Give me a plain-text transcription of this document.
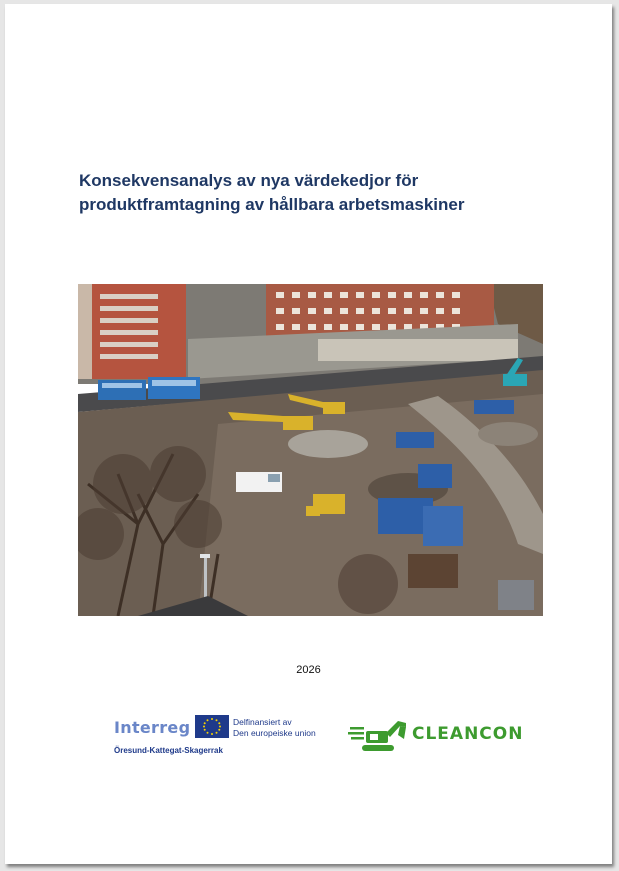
Konsekvensanalys av nya värdekedjor för
produktframtagning av hållbara arbetsmaskiner
2026
Interreg	Delfinansiert av
Den europeiske union
Öresund-Kattegat-Skagerrak
CLEANCON
